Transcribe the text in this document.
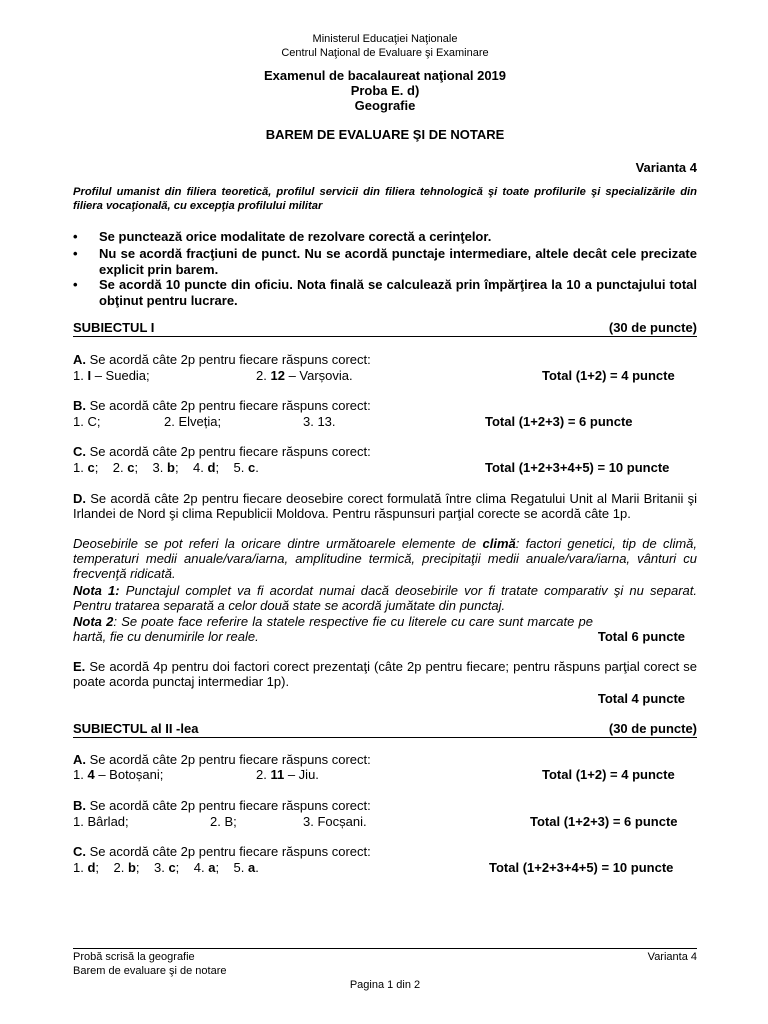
Ministerul Educaţiei Naţionale
Centrul Naţional de Evaluare şi Examinare
Examenul de bacalaureat naţional 2019
Proba E. d)
Geografie
BAREM DE EVALUARE ŞI DE NOTARE
Varianta 4
Profilul umanist din filiera teoretică, profilul servicii din filiera tehnologică şi toate profilurile şi specializările din filiera vocaţională, cu excepţia profilului militar
• Se punctează orice modalitate de rezolvare corectă a cerinţelor.
• Nu se acordă fracţiuni de punct. Nu se acordă punctaje intermediare, altele decât cele precizate explicit prin barem.
• Se acordă 10 puncte din oficiu. Nota finală se calculează prin împărţirea la 10 a punctajului total obţinut pentru lucrare.
SUBIECTUL I	(30 de puncte)
A. Se acordă câte 2p pentru fiecare răspuns corect:
1. I – Suedia;	2. 12 – Varșovia.	Total (1+2) = 4 puncte
B. Se acordă câte 2p pentru fiecare răspuns corect:
1. C;	2. Elveția;	3. 13.	Total (1+2+3) = 6 puncte
C. Se acordă câte 2p pentru fiecare răspuns corect:
1. c;    2. c;    3. b;    4. d;    5. c.	Total (1+2+3+4+5) = 10 puncte
D. Se acordă câte 2p pentru fiecare deosebire corect formulată între clima Regatului Unit al Marii Britanii şi Irlandei de Nord şi clima Republicii Moldova. Pentru răspunsuri parţial corecte se acordă câte 1p.
Deosebirile se pot referi la oricare dintre următoarele elemente de climă: factori genetici, tip de climă, temperaturi medii anuale/vara/iarna, amplitudine termică, precipitaţii medii anuale/vara/iarna, vânturi cu frecvenţă ridicată.
Nota 1: Punctajul complet va fi acordat numai dacă deosebirile vor fi tratate comparativ şi nu separat. Pentru tratarea separată a celor două state se acordă jumătate din punctaj.
Nota 2: Se poate face referire la statele respective fie cu literele cu care sunt marcate pe hartă, fie cu denumirile lor reale.	Total 6 puncte
E. Se acordă 4p pentru doi factori corect prezentaţi (câte 2p pentru fiecare; pentru răspuns parţial corect se poate acorda punctaj intermediar 1p).
Total 4 puncte
SUBIECTUL al II -lea	(30 de puncte)
A. Se acordă câte 2p pentru fiecare răspuns corect:
1. 4 – Botoșani;	2. 11 – Jiu.	Total (1+2) = 4 puncte
B. Se acordă câte 2p pentru fiecare răspuns corect:
1. Bârlad;	2. B;	3. Focșani.	Total (1+2+3) = 6 puncte
C. Se acordă câte 2p pentru fiecare răspuns corect:
1. d;    2. b;    3. c;    4. a;    5. a.	Total (1+2+3+4+5) = 10 puncte
Probă scrisă la geografie
Barem de evaluare şi de notare
Varianta 4
Pagina 1 din 2
